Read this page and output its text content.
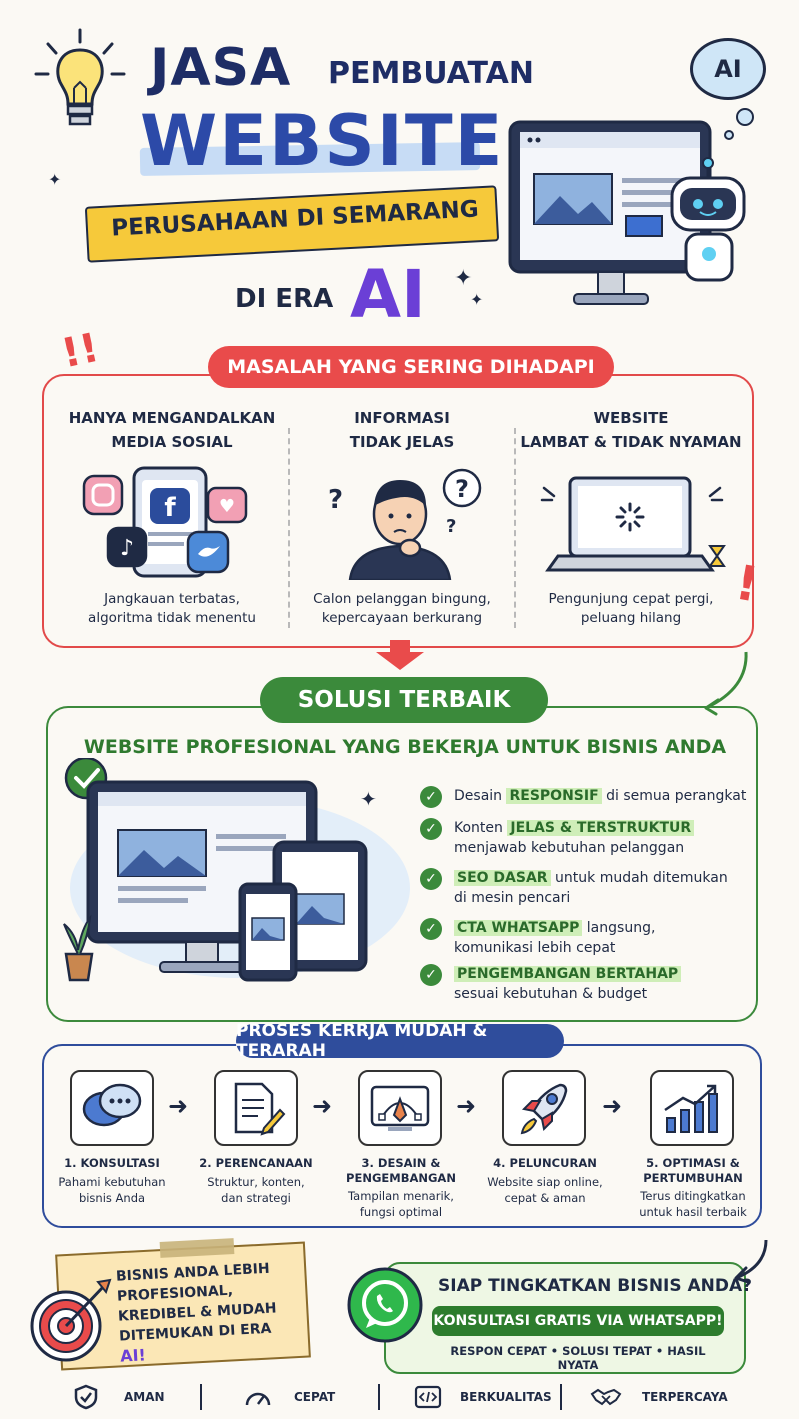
JASA PEMBUATAN
WEBSITE
PERUSAHAAN DI SEMARANG
DI ERA AI ✦
✦
✦
AI
!!
!
MASALAH YANG SERING DIHADAPI
HANYA MENGANDALKAN
MEDIA SOSIAL
f
♪
♥
Jangkauan terbatas,
algoritma tidak menentu
INFORMASI
TIDAK JELAS
?	?
?
Calon pelanggan bingung,
kepercayaan berkurang
WEBSITE
LAMBAT & TIDAK NYAMAN
Pengunjung cepat pergi,
peluang hilang
SOLUSI TERBAIK
WEBSITE PROFESIONAL YANG BEKERJA UNTUK BISNIS ANDA
✦	✓	Desain RESPONSIF di semua perangkat
✓	Konten JELAS & TERSTRUKTUR
menjawab kebutuhan pelanggan
✓	SEO DASAR untuk mudah ditemukan
di mesin pencari
✓	CTA WHATSAPP langsung,
komunikasi lebih cepat
✓	PENGEMBANGAN BERTAHAP
sesuai kebutuhan & budget
PROSES KERRJA MUDAH & TERARAH
1. KONSULTASI
Pahami kebutuhan
bisnis Anda
➜
2. PERENCANAAN
Struktur, konten,
dan strategi
➜
3. DESAIN &
PENGEMBANGAN
Tampilan menarik,
fungsi optimal
➜
4. PELUNCURAN
Website siap online,
cepat & aman
➜
5. OPTIMASI &
PERTUMBUHAN
Terus ditingkatkan
untuk hasil terbaik
BISNIS ANDA LEBIH
PROFESIONAL,
KREDIBEL & MUDAH
DITEMUKAN DI ERA AI!
SIAP TINGKATKAN BISNIS ANDA?
KONSULTASI GRATIS VIA WHATSAPP!
RESPON CEPAT • SOLUSI TEPAT • HASIL NYATA
AMAN	CEPAT	BERKUALITAS	TERPERCAYA
